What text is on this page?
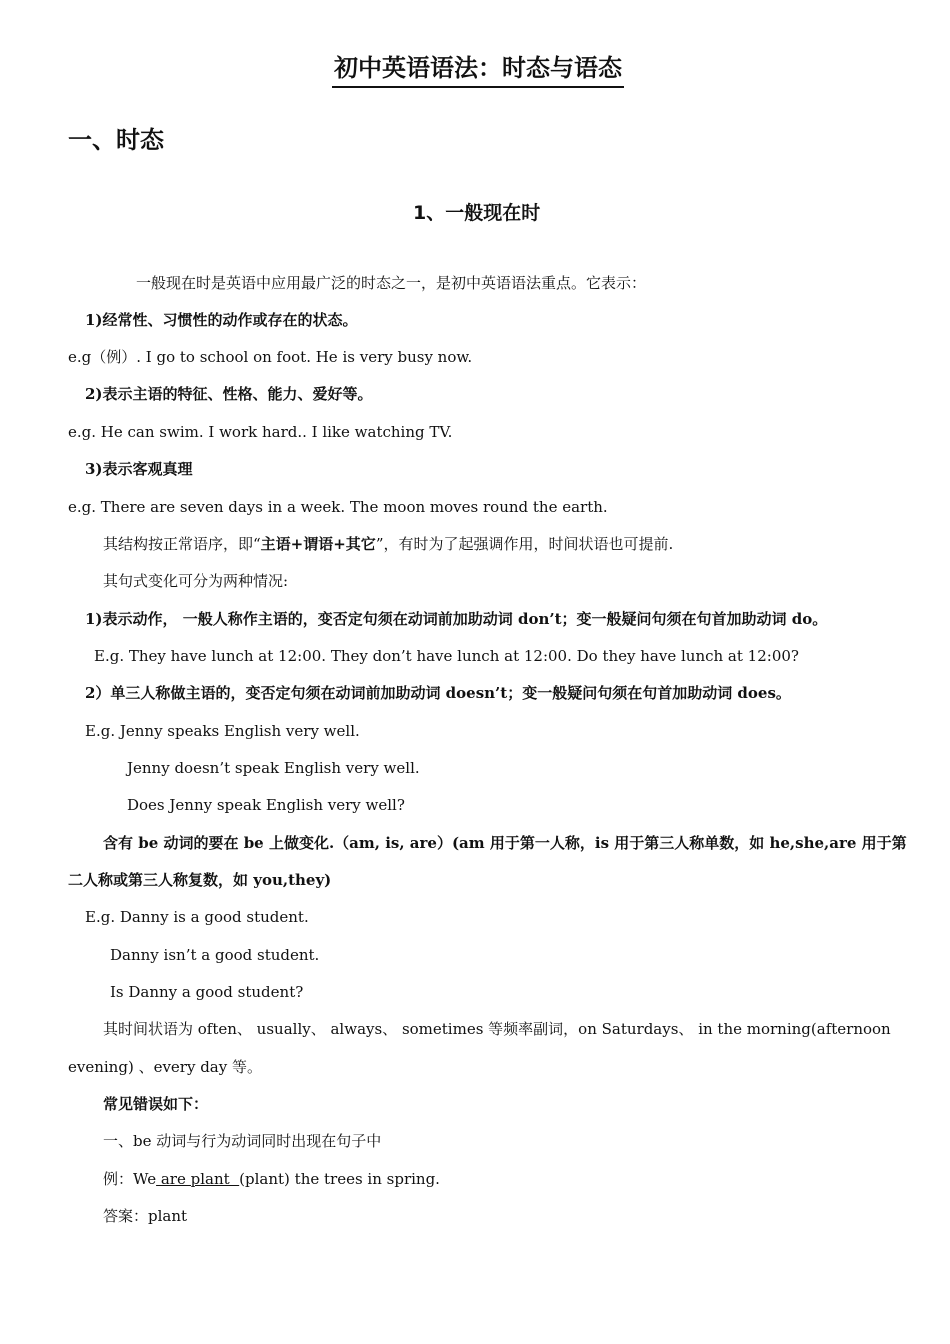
初中英语语法：时态与语态
一、时态
1、一般现在时
一般现在时是英语中应用最广泛的时态之一，是初中英语语法重点。它表示：
1)经常性、习惯性的动作或存在的状态。
e.g（例）. I go to school on foot. He is very busy now.
2)表示主语的特征、性格、能力、爱好等。
e.g. He can swim. I work hard.. I like watching TV.
3)表示客观真理
e.g. There are seven days in a week. The moon moves round the earth.
其结构按正常语序，即“主语+谓语+其它”，有时为了起强调作用，时间状语也可提前.
其句式变化可分为两种情况:
1)表示动作， 一般人称作主语的，变否定句须在动词前加助动词 don’t；变一般疑问句须在句首加助动词 do。
E.g. They have lunch at 12:00. They don’t have lunch at 12:00. Do they have lunch at 12:00?
2）单三人称做主语的，变否定句须在动词前加助动词 doesn’t；变一般疑问句须在句首加助动词 does。
E.g. Jenny speaks English very well.
Jenny doesn’t speak English very well.
Does Jenny speak English very well?
含有 be 动词的要在 be 上做变化.（am, is, are）(am 用于第一人称，is 用于第三人称单数，如 he,she,are 用于第
二人称或第三人称复数，如 you,they)
E.g. Danny is a good student.
Danny isn’t a good student.
Is Danny a good student?
其时间状语为 often、 usually、 always、 sometimes 等频率副词，on Saturdays、 in the morning(afternoon
evening) 、every day 等。
常见错误如下：
一、be 动词与行为动词同时出现在句子中
例：We are plant  (plant) the trees in spring.
答案：plant
